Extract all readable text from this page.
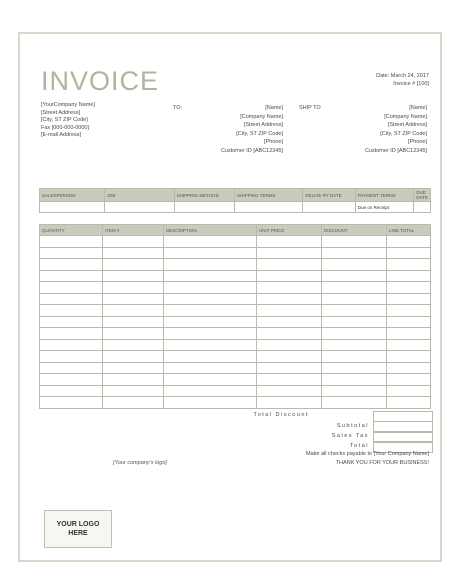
INVOICE	Date: March 24, 2017
Invoice # [100]
[YourCompany Name]
[Street Address]
[City, ST ZIP Code]
Fax [000-000-0000]
[E-mail Address]
TO:	[Name]
[Company Name]
[Street Address]
[City, ST ZIP Code]
[Phone]
Customer ID [ABC12345]
SHIP TO	[Name]
[Company Name]
[Street Address]
[City, ST ZIP Code]
[Phone]
Customer ID [ABC12345]
SALESPERSON	JOB	SHIPPING METHOD	SHIPPING TERMS	DELIVE RY DATE	PAYMENT TERMS	DUE DATE
					Due on Receipt	
QUANTITY	ITEM #	DESCRIPTION	UNIT PRICE	DISCOUNT	LINE TOTAL

Total Discount
Subtotal
Sales Tax
Total
Make all checks payable to [Your Company Name]
THANK YOU FOR YOUR BUSINESS!
[Your company's logo]
YOUR LOGO HERE
